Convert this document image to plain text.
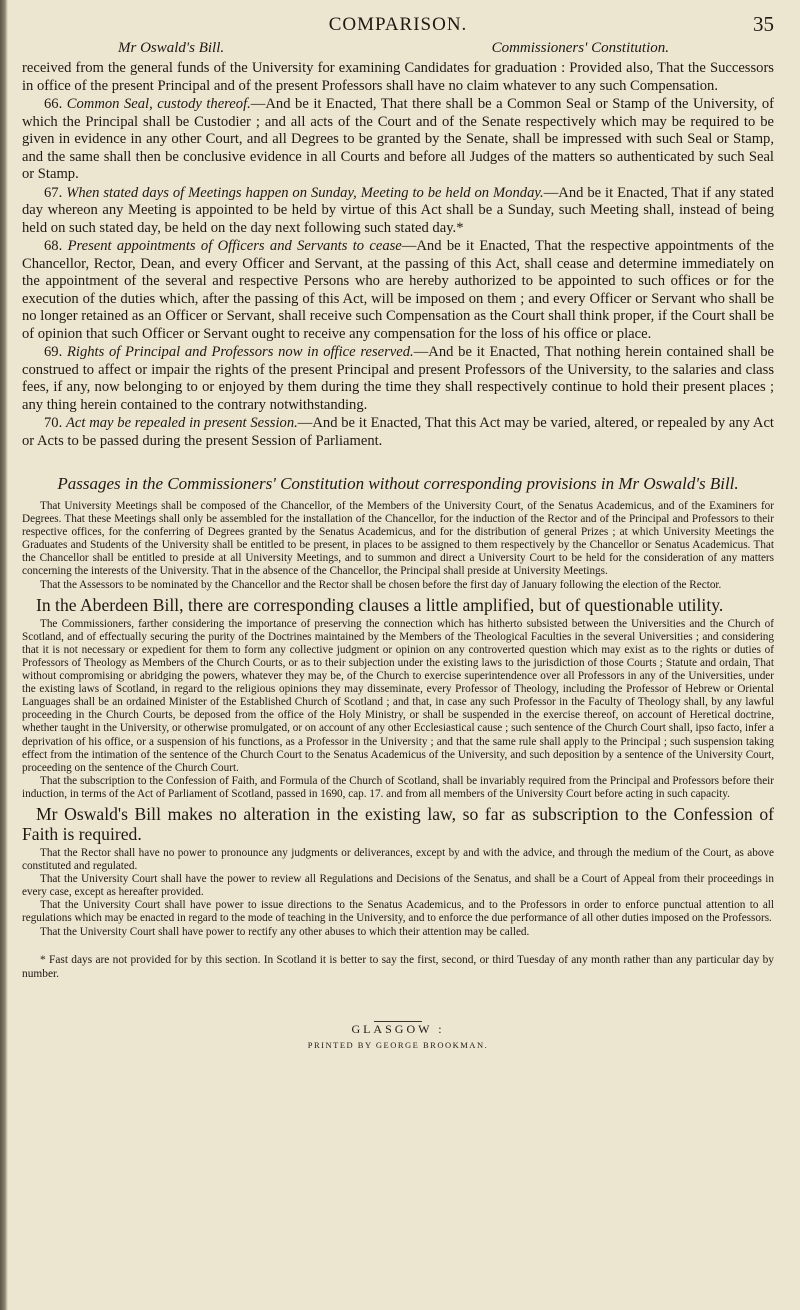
COMPARISON.	35
Mr Oswald's Bill.	Commissioners' Constitution.

received from the general funds of the University for examining Candidates for graduation : Provided also, That the Successors in office of the present Principal and of the present Professors shall have no claim whatever to any such Compensation.

66. Common Seal, custody thereof.—And be it Enacted, That there shall be a Common Seal or Stamp of the University, of which the Principal shall be Custodier ; and all acts of the Court and of the Senate respectively which may be required to be given in evidence in any other Court, and all Degrees to be granted by the Senate, shall be impressed with such Seal or Stamp, and the same shall then be conclusive evidence in all Courts and before all Judges of the matters so authenticated by such Seal or Stamp.

67. When stated days of Meetings happen on Sunday, Meeting to be held on Monday.—And be it Enacted, That if any stated day whereon any Meeting is appointed to be held by virtue of this Act shall be a Sunday, such Meeting shall, instead of being held on such stated day, be held on the day next following such stated day.*

68. Present appointments of Officers and Servants to cease—And be it Enacted, That the respective appointments of the Chancellor, Rector, Dean, and every Officer and Servant, at the passing of this Act, shall cease and determine immediately on the appointment of the several and respective Persons who are hereby authorized to be appointed to such offices or for the execution of the duties which, after the passing of this Act, will be imposed on them ; and every Officer or Servant who shall be no longer retained as an Officer or Servant, shall receive such Compensation as the Court shall think proper, if the Court shall be of opinion that such Officer or Servant ought to receive any compensation for the loss of his office or place.

69. Rights of Principal and Professors now in office reserved.—And be it Enacted, That nothing herein contained shall be construed to affect or impair the rights of the present Principal and present Professors of the University, to the salaries and class fees, if any, now belonging to or enjoyed by them during the time they shall respectively continue to hold their present places ; any thing herein contained to the contrary notwithstanding.

70. Act may be repealed in present Session.—And be it Enacted, That this Act may be varied, altered, or repealed by any Act or Acts to be passed during the present Session of Parliament.

Passages in the Commissioners' Constitution without corresponding provisions in Mr Oswald's Bill.

That University Meetings shall be composed of the Chancellor, of the Members of the University Court, of the Senatus Academicus, and of the Examiners for Degrees. That these Meetings shall only be assembled for the installation of the Chancellor, for the induction of the Rector and of the Principal and Professors to their respective offices, for the conferring of Degrees granted by the Senatus Academicus, and for the distribution of general Prizes ; at which University Meetings the Graduates and Students of the University shall be entitled to be present, in places to be assigned to them respectively by the Chancellor or Senatus Academicus. That the Chancellor shall be entitled to preside at all University Meetings, and to summon and direct a University Court to be held for the consideration of any matters concerning the interests of the University. That in the absence of the Chancellor, the Principal shall preside at University Meetings.

That the Assessors to be nominated by the Chancellor and the Rector shall be chosen before the first day of January following the election of the Rector.

In the Aberdeen Bill, there are corresponding clauses a little amplified, but of questionable utility.

The Commissioners, farther considering the importance of preserving the connection which has hitherto subsisted between the Universities and the Church of Scotland, and of effectually securing the purity of the Doctrines maintained by the Members of the Theological Faculties in the several Universities ; and considering that it is not necessary or expedient for them to form any collective judgment or opinion on any controverted question which may exist as to the rights or duties of Professors of Theology as Members of the Church Courts, or as to their subjection under the existing laws to the jurisdiction of those Courts ; Statute and ordain, That without compromising or abridging the powers, whatever they may be, of the Church to exercise superintendence over all Professors in any of the Universities, under the existing laws of Scotland, in regard to the religious opinions they may disseminate, every Professor of Theology, including the Professor of Hebrew or Oriental Languages shall be an ordained Minister of the Established Church of Scotland ; and that, in case any such Professor in the Faculty of Theology shall, by any lawful proceeding in the Church Courts, be deposed from the office of the Holy Ministry, or shall be suspended in the exercise thereof, on account of Heretical doctrine, whether taught in the University, or otherwise promulgated, or on account of any other Ecclesiastical cause ; such sentence of the Church Court shall, ipso facto, infer a deprivation of his office, or a suspension of his functions, as a Professor in the University ; and that the same rule shall apply to the Principal ; such suspension taking effect from the intimation of the sentence of the Church Court to the Senatus Academicus of the University, and such deposition by a sentence of the University Court, proceeding on the sentence of the Church Court.

That the subscription to the Confession of Faith, and Formula of the Church of Scotland, shall be invariably required from the Principal and Professors before their induction, in terms of the Act of Parliament of Scotland, passed in 1690, cap. 17. and from all members of the University Court before acting in such capacity.

Mr Oswald's Bill makes no alteration in the existing law, so far as subscription to the Confession of Faith is required.

That the Rector shall have no power to pronounce any judgments or deliverances, except by and with the advice, and through the medium of the Court, as above constituted and regulated.

That the University Court shall have the power to review all Regulations and Decisions of the Senatus, and shall be a Court of Appeal from their proceedings in every case, except as hereafter provided.

That the University Court shall have power to issue directions to the Senatus Academicus, and to the Professors in order to enforce punctual attention to all regulations which may be enacted in regard to the mode of teaching in the University, and to enforce the due performance of all other duties imposed on the Professors.

That the University Court shall have power to rectify any other abuses to which their attention may be called.

* Fast days are not provided for by this section. In Scotland it is better to say the first, second, or third Tuesday of any month rather than any particular day by number.

GLASGOW :
PRINTED BY GEORGE BROOKMAN.
